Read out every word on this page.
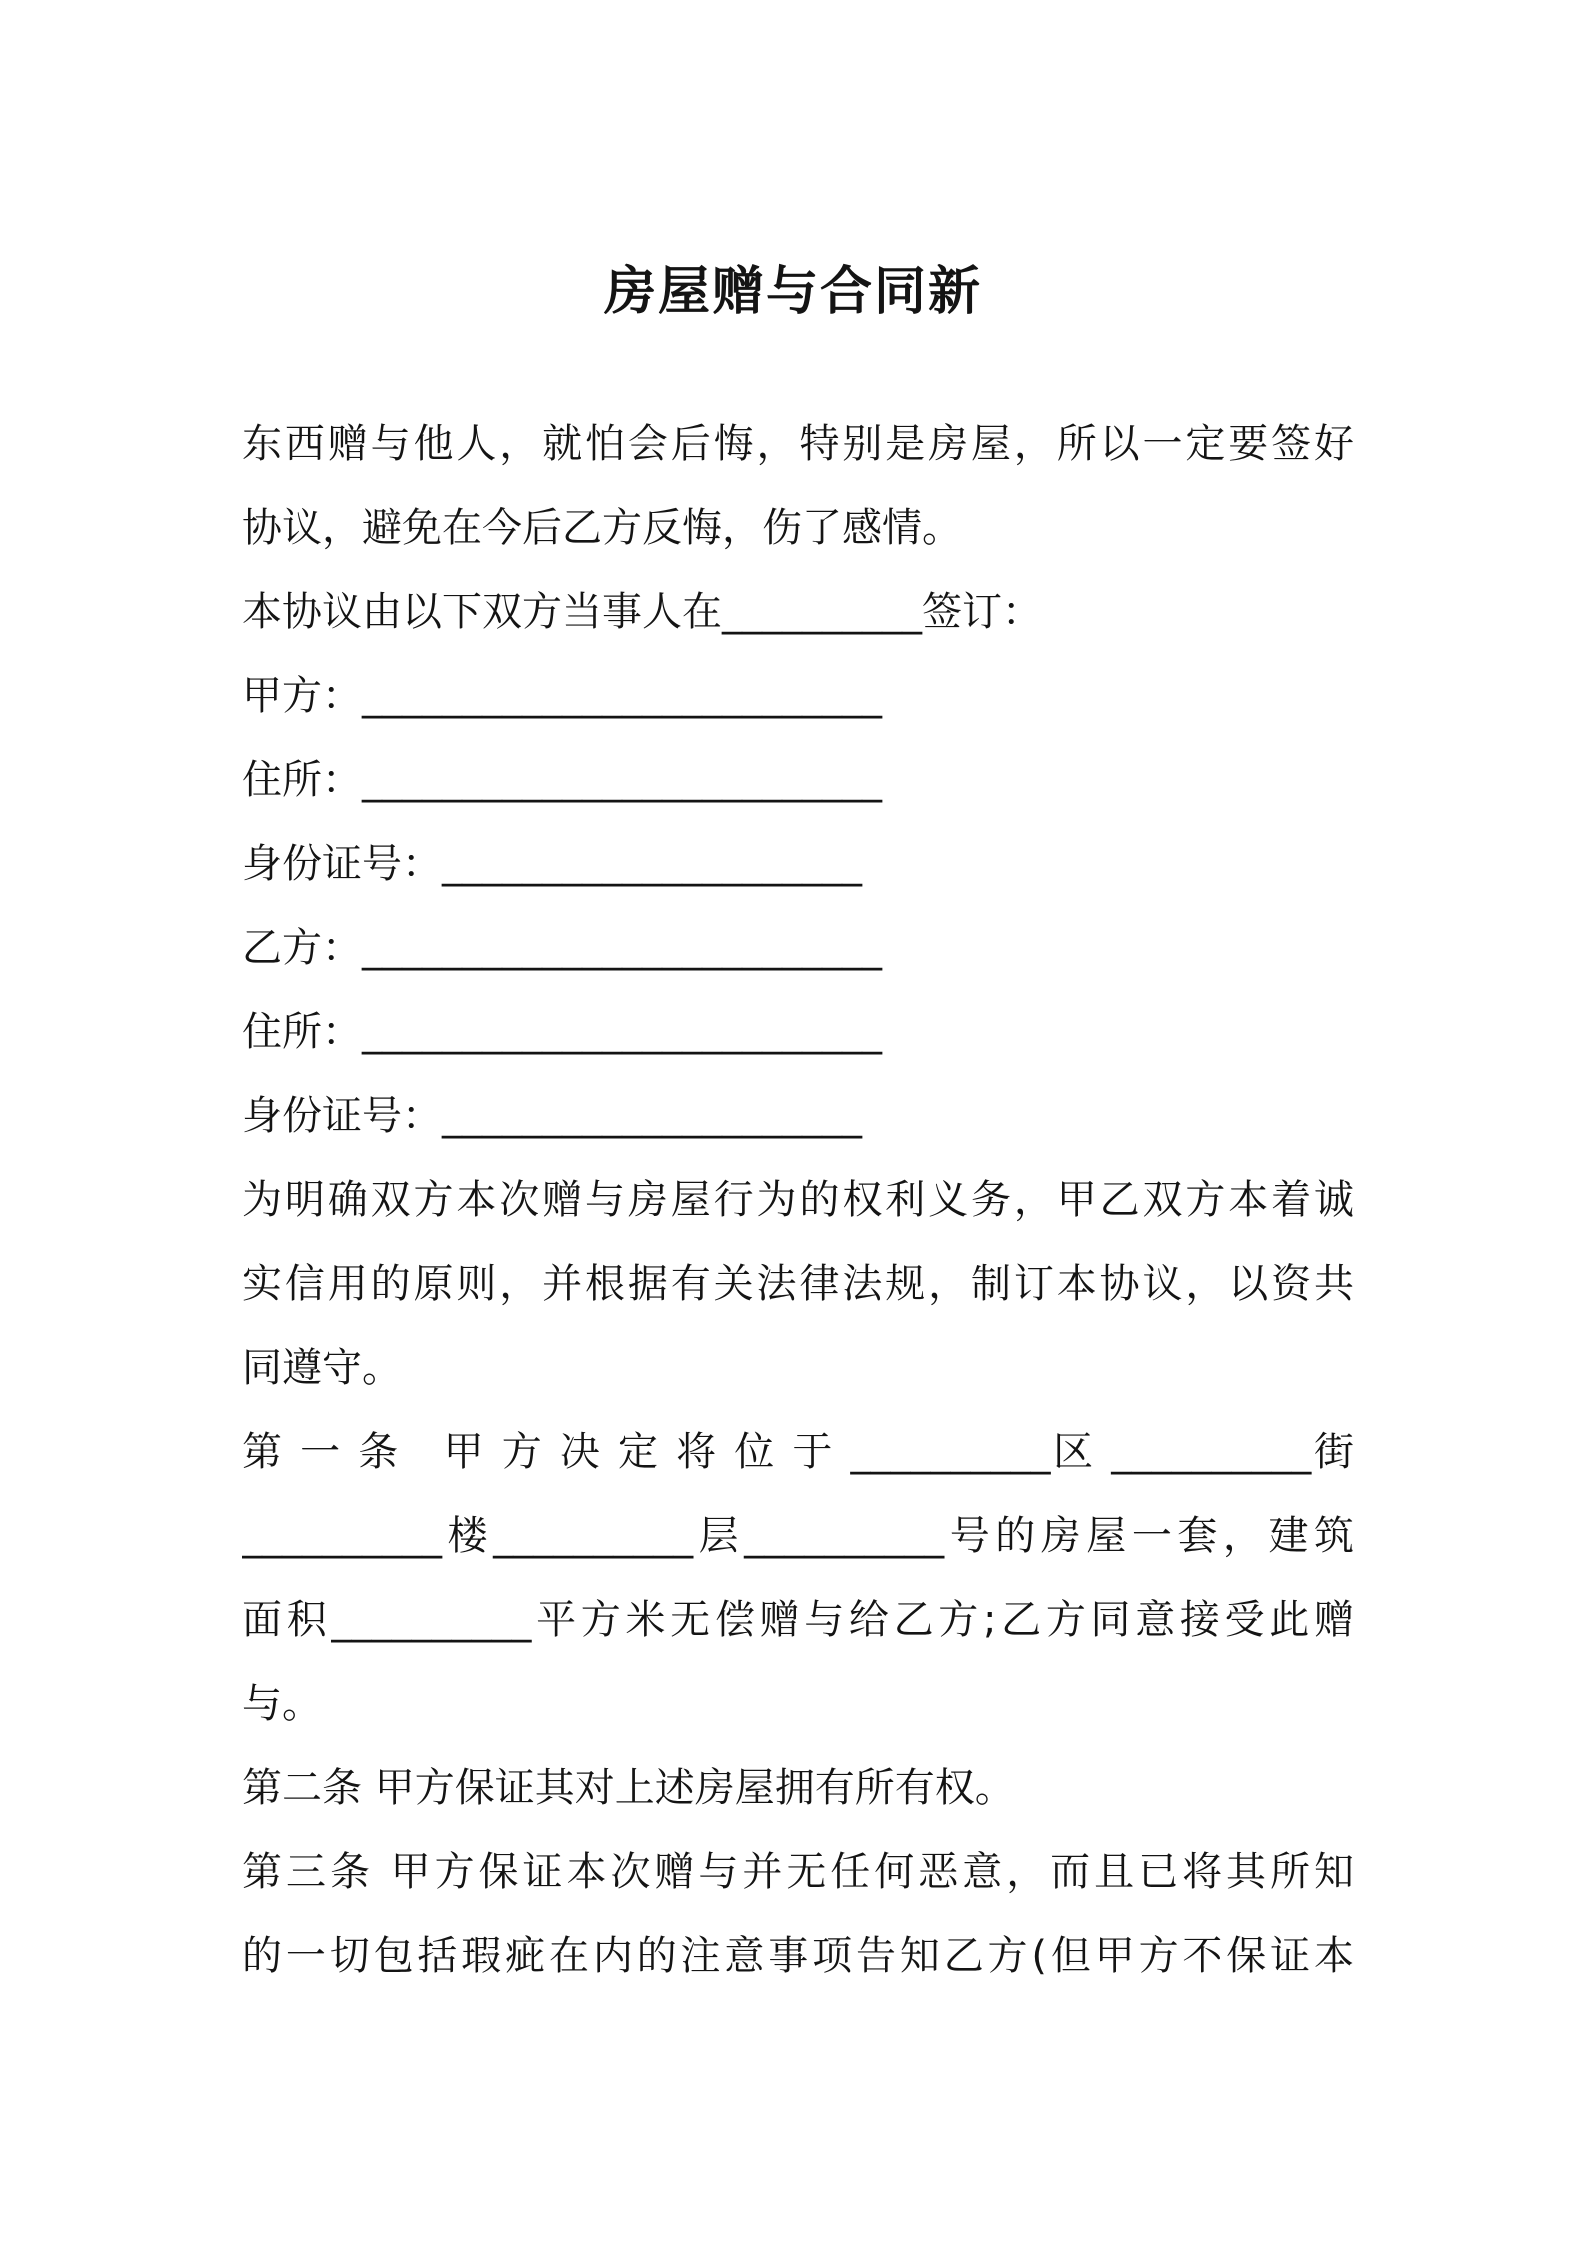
房屋赠与合同新
东西赠与他人，就怕会后悔，特别是房屋，所以一定要签好
协议，避免在今后乙方反悔，伤了感情。
本协议由以下双方当事人在__________签订：
甲方：__________________________
住所：__________________________
身份证号：_____________________
乙方：__________________________
住所：__________________________
身份证号：_____________________
为明确双方本次赠与房屋行为的权利义务，甲乙双方本着诚
实信用的原则，并根据有关法律法规，制订本协议，以资共
同遵守。
第 一 条　甲 方 决 定 将 位 于 __________区 __________街
__________楼__________层__________号的房屋一套，建筑
面积__________平方米无偿赠与给乙方;乙方同意接受此赠
与。
第二条 甲方保证其对上述房屋拥有所有权。
第三条 甲方保证本次赠与并无任何恶意，而且已将其所知
的一切包括瑕疵在内的注意事项告知乙方(但甲方不保证本
